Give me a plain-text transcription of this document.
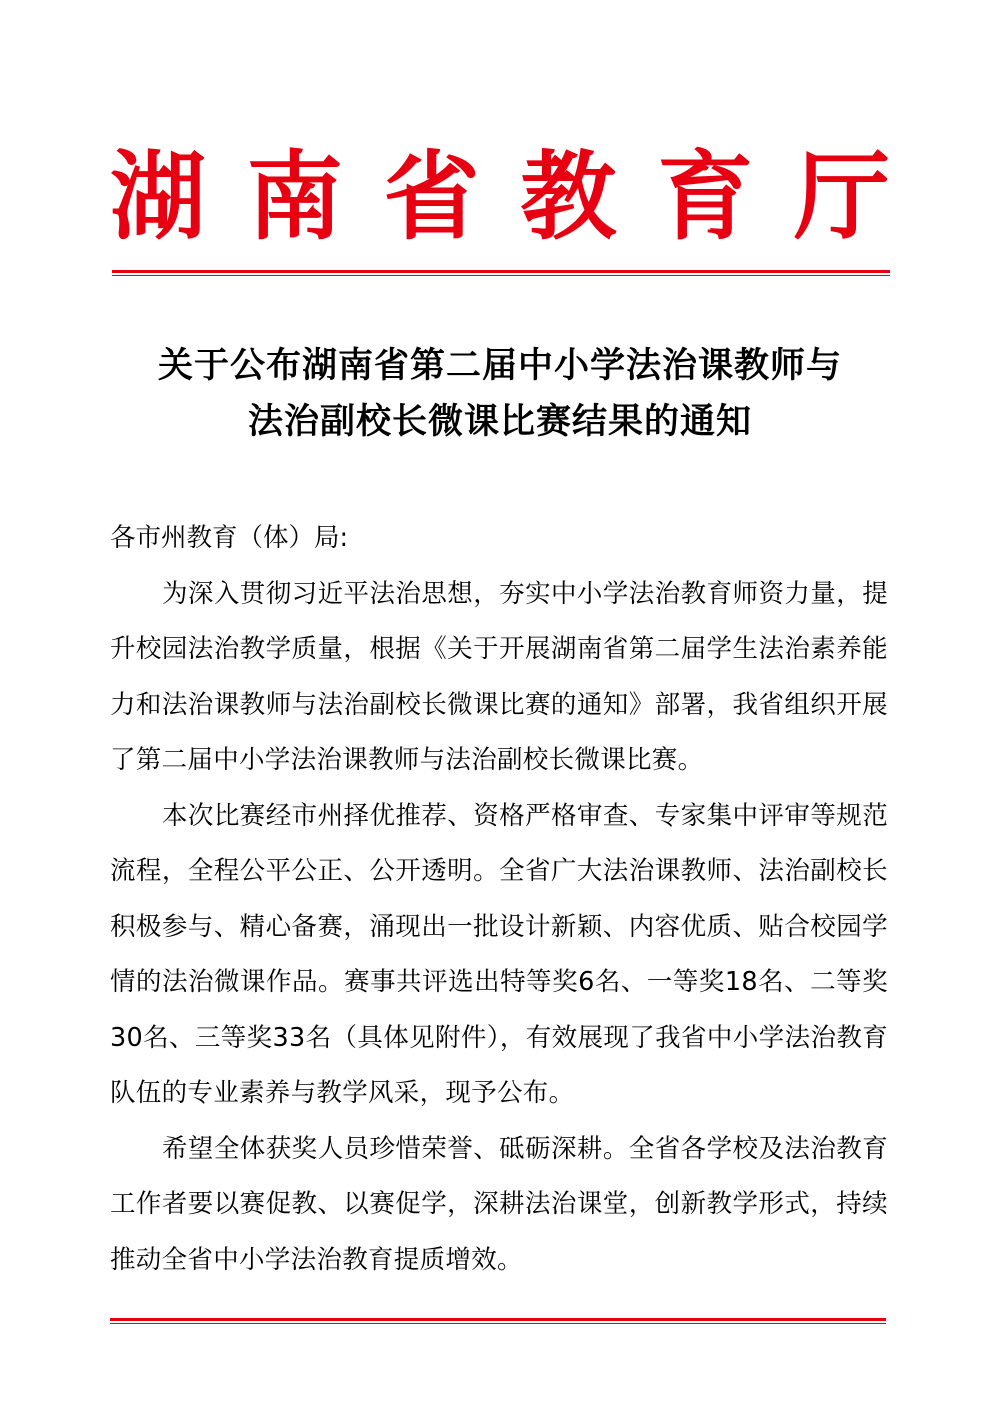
湖 南 省 教 育 厅
关于公布湖南省第二届中小学法治课教师与
法治副校长微课比赛结果的通知
各市州教育（体）局:

为深入贯彻习近平法治思想，夯实中小学法治教育师资力量，提升校园法治教学质量，根据《关于开展湖南省第二届学生法治素养能力和法治课教师与法治副校长微课比赛的通知》部署，我省组织开展了第二届中小学法治课教师与法治副校长微课比赛。

本次比赛经市州择优推荐、资格严格审查、专家集中评审等规范流程，全程公平公正、公开透明。全省广大法治课教师、法治副校长积极参与、精心备赛，涌现出一批设计新颖、内容优质、贴合校园学情的法治微课作品。赛事共评选出特等奖6名、一等奖18名、二等奖30名、三等奖33名（具体见附件），有效展现了我省中小学法治教育队伍的专业素养与教学风采，现予公布。

希望全体获奖人员珍惜荣誉、砥砺深耕。全省各学校及法治教育工作者要以赛促教、以赛促学，深耕法治课堂，创新教学形式，持续推动全省中小学法治教育提质增效。
